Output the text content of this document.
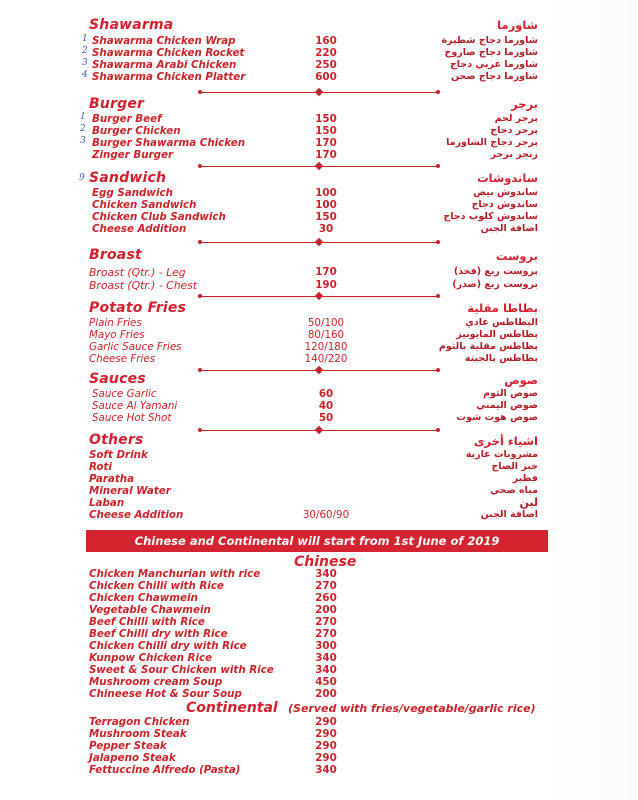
Shawarma	شاورما
1
2
3
4
Shawarma Chicken Wrap	160	شاورما دجاج شطيرة
Shawarma Chicken Rocket	220	شاورما دجاج صاروخ
Shawarma Arabi Chicken	250	شاورما عربي دجاج
Shawarma Chicken Platter	600	شاورما دجاج صحن
Burger	برجر
1
2
3
Burger Beef	150	برجر لحم
Burger Chicken	150	برجر دجاج
Burger Shawarma Chicken	170	برجر دجاج الشاورما
Zinger Burger	170	زنجر برجر
9 Sandwich	ساندوشات
Egg Sandwich	100	ساندوش بيض
Chicken Sandwich	100	ساندوش دجاج
Chicken Club Sandwich	150	ساندوش كلوب دجاج
Cheese Addition	30	اضافة الجبن
Broast	بروست
Broast (Qtr.) - Leg	170	بروست ربع (فخذ)
Broast (Qtr.) - Chest	190	بروست ربع (صدر)
Potato Fries	بطاطا مقلية
Plain Fries	50/100	البطاطس عادي
Mayo Fries	80/160	بطاطس المايونيز
Garlic Sauce Fries	120/180	بطاطس مقلية بالثوم
Cheese Fries	140/220	بطاطس بالجبنة
Sauces	صوص
Sauce Garlic	60	صوص الثوم
Sauce Al Yamani	40	صوص اليمني
Sauce Hot Shot	50	صوص هوت شوت
Others	اشياء أخرى
Soft Drink	مشروبات غازية
Roti	خبز الصاج
Paratha	فطير
Mineral Water	مياه صحي
Laban	لبن
Cheese Addition	30/60/90	اضافة الجبن
Chinese and Continental will start from 1st June of 2019
Chinese
Chicken Manchurian with rice	340
Chicken Chilli with Rice	270
Chicken Chawmein	260
Vegetable Chawmein	200
Beef Chilli with Rice	270
Beef Chilli dry with Rice	270
Chicken Chilli dry with Rice	300
Kunpow Chicken Rice	340
Sweet & Sour Chicken with Rice	340
Mushroom cream Soup	450
Chineese Hot & Sour Soup	200
Continental (Served with fries/vegetable/garlic rice)
Terragon Chicken	290
Mushroom Steak	290
Pepper Steak	290
Jalapeno Steak	290
Fettuccine Alfredo (Pasta)	340
